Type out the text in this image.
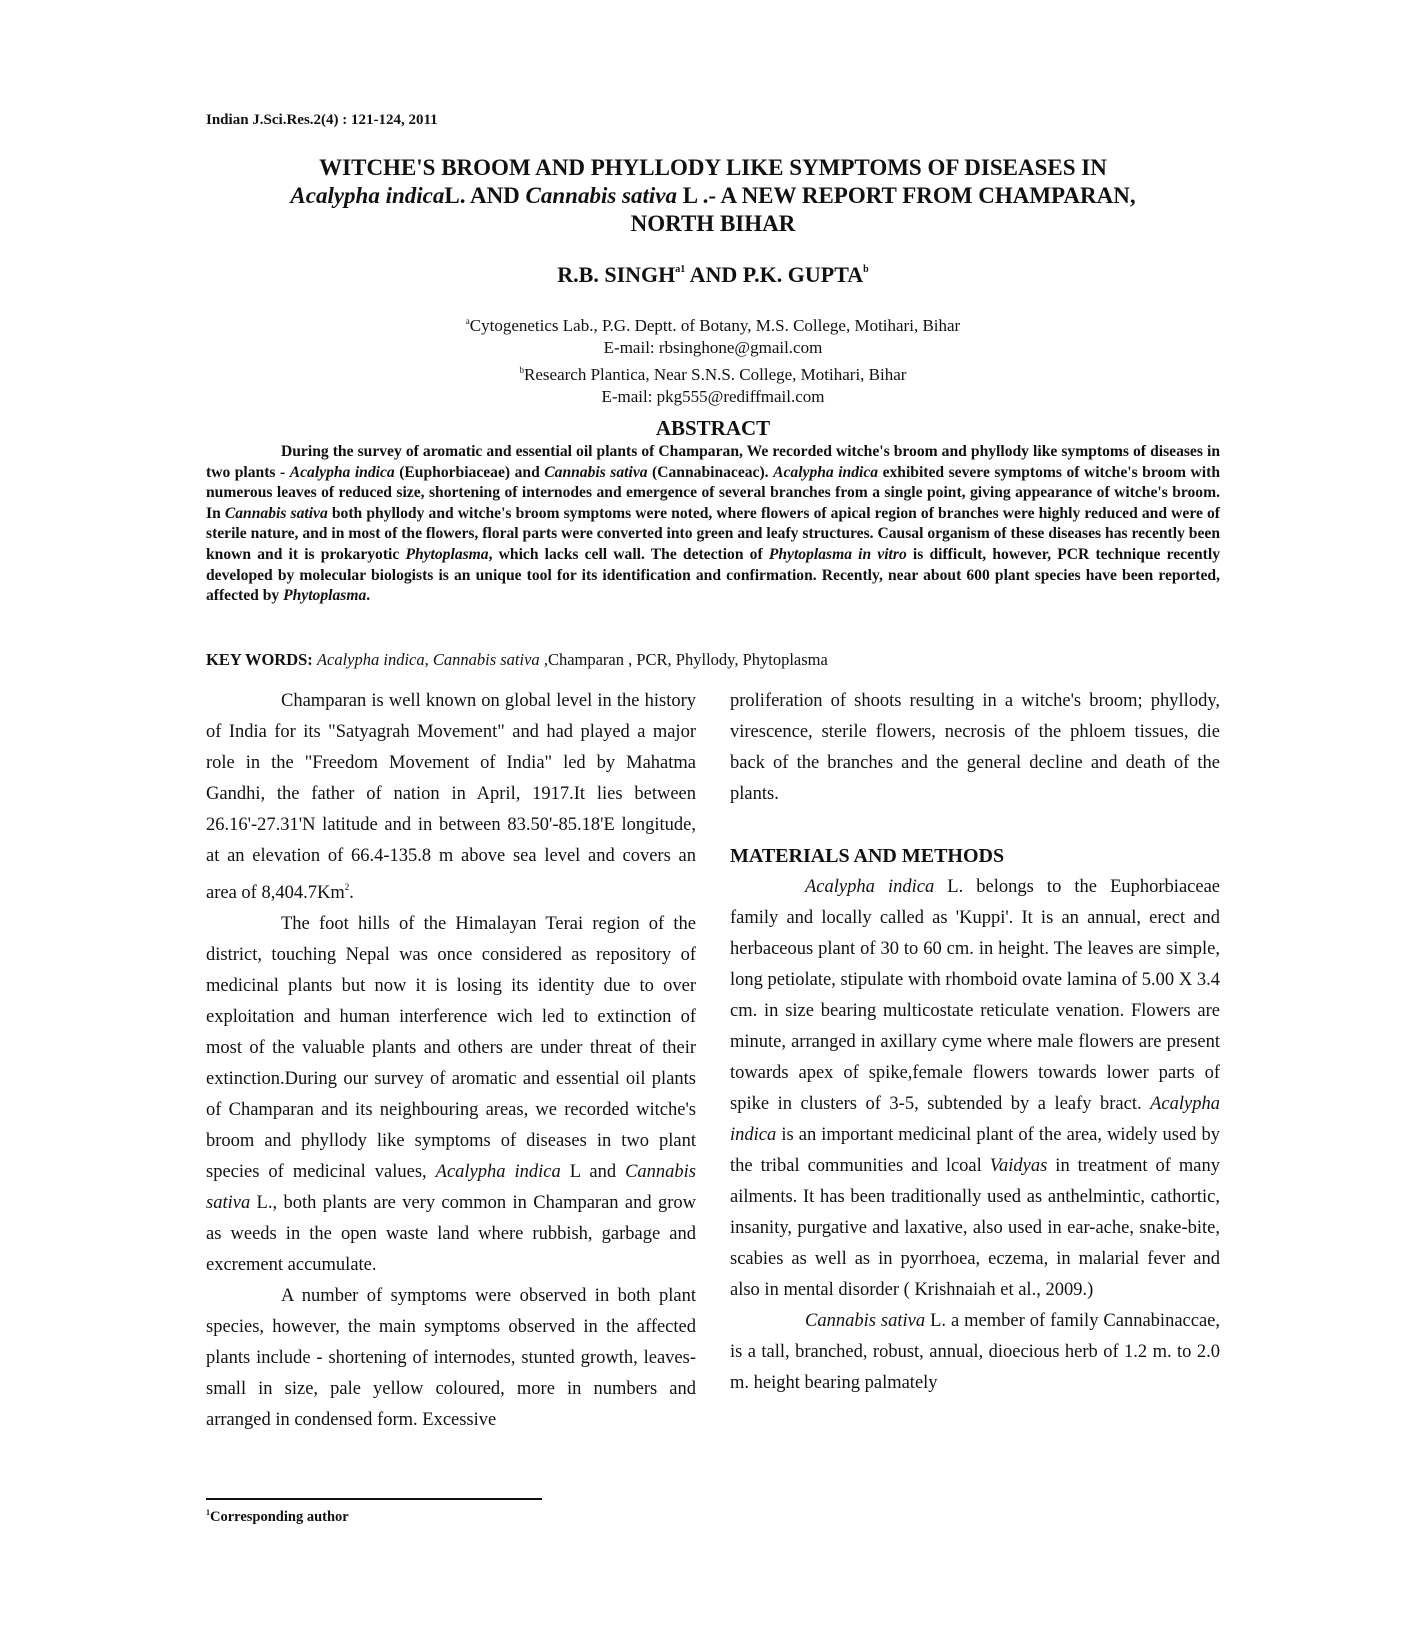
Indian J.Sci.Res.2(4) : 121-124, 2011
WITCHE'S BROOM AND PHYLLODY LIKE SYMPTOMS OF DISEASES IN
Acalypha indicaL. AND Cannabis sativa L .- A NEW REPORT FROM CHAMPARAN,
NORTH BIHAR
R.B. $SINGH^{a1}$ AND P.K. GUPTA$^b$
$^a$Cytogenetics Lab., P.G. Deptt. of Botany, M.S. College, Motihari, Bihar
E-mail: rbsinghone@gmail.com
$^b$Research Plantica, Near S.N.S. College, Motihari, Bihar
E-mail: pkg555@rediffmail.com
ABSTRACT
During the survey of aromatic and essential oil plants of Champaran, We recorded witche's broom and phyllody like symptoms of diseases in two plants - Acalypha indica (Euphorbiaceae) and Cannabis sativa (Cannabinaceac). Acalypha indica exhibited severe symptoms of witche's broom with numerous leaves of reduced size, shortening of internodes and emergence of several branches from a single point, giving appearance of witche's broom. In Cannabis sativa both phyllody and witche's broom symptoms were noted, where flowers of apical region of branches were highly reduced and were of sterile nature, and in most of the flowers, floral parts were converted into green and leafy structures. Causal organism of these diseases has recently been known and it is prokaryotic Phytoplasma, which lacks cell wall. The detection of Phytoplasma in vitro is difficult, however, PCR technique recently developed by molecular biologists is an unique tool for its identification and confirmation. Recently, near about 600 plant species have been reported, affected by Phytoplasma.
KEY WORDS: Acalypha indica, Cannabis sativa ,Champaran , PCR, Phyllody, Phytoplasma

Champaran is well known on global level in the history of India for its "Satyagrah Movement" and had played a major role in the "Freedom Movement of India" led by Mahatma Gandhi, the father of nation in April, 1917.It lies between 26.16'-27.31'N latitude and in between 83.50'-85.18'E longitude, at an elevation of 66.4-135.8 m above sea level and covers an area of 8,404.7Km$^2$.

The foot hills of the Himalayan Terai region of the district, touching Nepal was once considered as repository of medicinal plants but now it is losing its identity due to over exploitation and human interference wich led to extinction of most of the valuable plants and others are under threat of their extinction.During our survey of aromatic and essential oil plants of Champaran and its neighbouring areas, we recorded witche's broom and phyllody like symptoms of diseases in two plant species of medicinal values, Acalypha indica L and Cannabis sativa L., both plants are very common in Champaran and grow as weeds in the open waste land where rubbish, garbage and excrement accumulate.

A number of symptoms were observed in both plant species, however, the main symptoms observed in the affected plants include - shortening of internodes, stunted growth, leaves- small in size, pale yellow coloured, more in numbers and arranged in condensed form. Excessive

proliferation of shoots resulting in a witche's broom; phyllody, virescence, sterile flowers, necrosis of the phloem tissues, die back of the branches and the general decline and death of the plants.

MATERIALS AND METHODS

Acalypha indica L. belongs to the Euphorbiaceae family and locally called as 'Kuppi'. It is an annual, erect and herbaceous plant of 30 to 60 cm. in height. The leaves are simple, long petiolate, stipulate with rhomboid ovate lamina of 5.00 X 3.4 cm. in size bearing multicostate reticulate venation. Flowers are minute, arranged in axillary cyme where male flowers are present towards apex of spike,female flowers towards lower parts of spike in clusters of 3-5, subtended by a leafy bract. Acalypha indica is an important medicinal plant of the area, widely used by the tribal communities and lcoal Vaidyas in treatment of many ailments. It has been traditionally used as anthelmintic, cathortic, insanity, purgative and laxative, also used in ear-ache, snake-bite, scabies as well as in pyorrhoea, eczema, in malarial fever and also in mental disorder ( Krishnaiah et al., 2009.)

Cannabis sativa L. a member of family Cannabinaccae, is a tall, branched, robust, annual, dioecious herb of 1.2 m. to 2.0 m. height bearing palmately

$^1$Corresponding author
